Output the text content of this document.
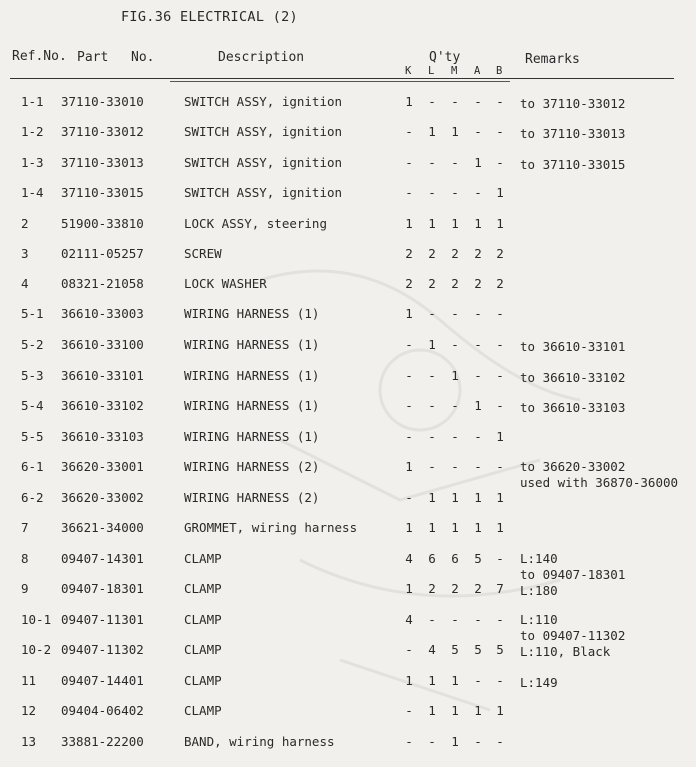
FIG.36 ELECTRICAL (2)
Ref.No. Part No.	Description	Q'ty	Remarks
K L M A B
1-1 37110-33010	SWITCH ASSY, ignition	1 - - - - to 37110-33012
1-2 37110-33012	SWITCH ASSY, ignition	- 1 1 - - to 37110-33013
1-3 37110-33013	SWITCH ASSY, ignition	- - - 1 - to 37110-33015
1-4 37110-33015	SWITCH ASSY, ignition	- - - - 1
2	51900-33810	LOCK ASSY, steering	1 1 1 1 1
3	02111-05257	SCREW	2 2 2 2 2
4	08321-21058	LOCK WASHER	2 2 2 2 2
5-1 36610-33003	WIRING HARNESS (1)	1 - - - -
5-2 36610-33100	WIRING HARNESS (1)	- 1 - - - to 36610-33101
5-3 36610-33101	WIRING HARNESS (1)	- - 1 - - to 36610-33102
5-4 36610-33102	WIRING HARNESS (1)	- - - 1 - to 36610-33103
5-5 36610-33103	WIRING HARNESS (1)	- - - - 1
6-1 36620-33001	WIRING HARNESS (2)	1 - - - - to 36620-33002
used with 36870-36000
6-2 36620-33002	WIRING HARNESS (2)	- 1 1 1 1
7	36621-34000	GROMMET, wiring harness	1 1 1 1 1
8	09407-14301	CLAMP	4 6 6 5 - L:140
to 09407-18301
9	09407-18301	CLAMP	1 2 2 2 7 L:180
10-1 09407-11301	CLAMP	4 - - - - L:110
to 09407-11302
10-2 09407-11302	CLAMP	- 4 5 5 5 L:110, Black
11 09407-14401	CLAMP	1 1 1 - - L:149
12 09404-06402	CLAMP	- 1 1 1 1
13 33881-22200	BAND, wiring harness	- - 1 - -
